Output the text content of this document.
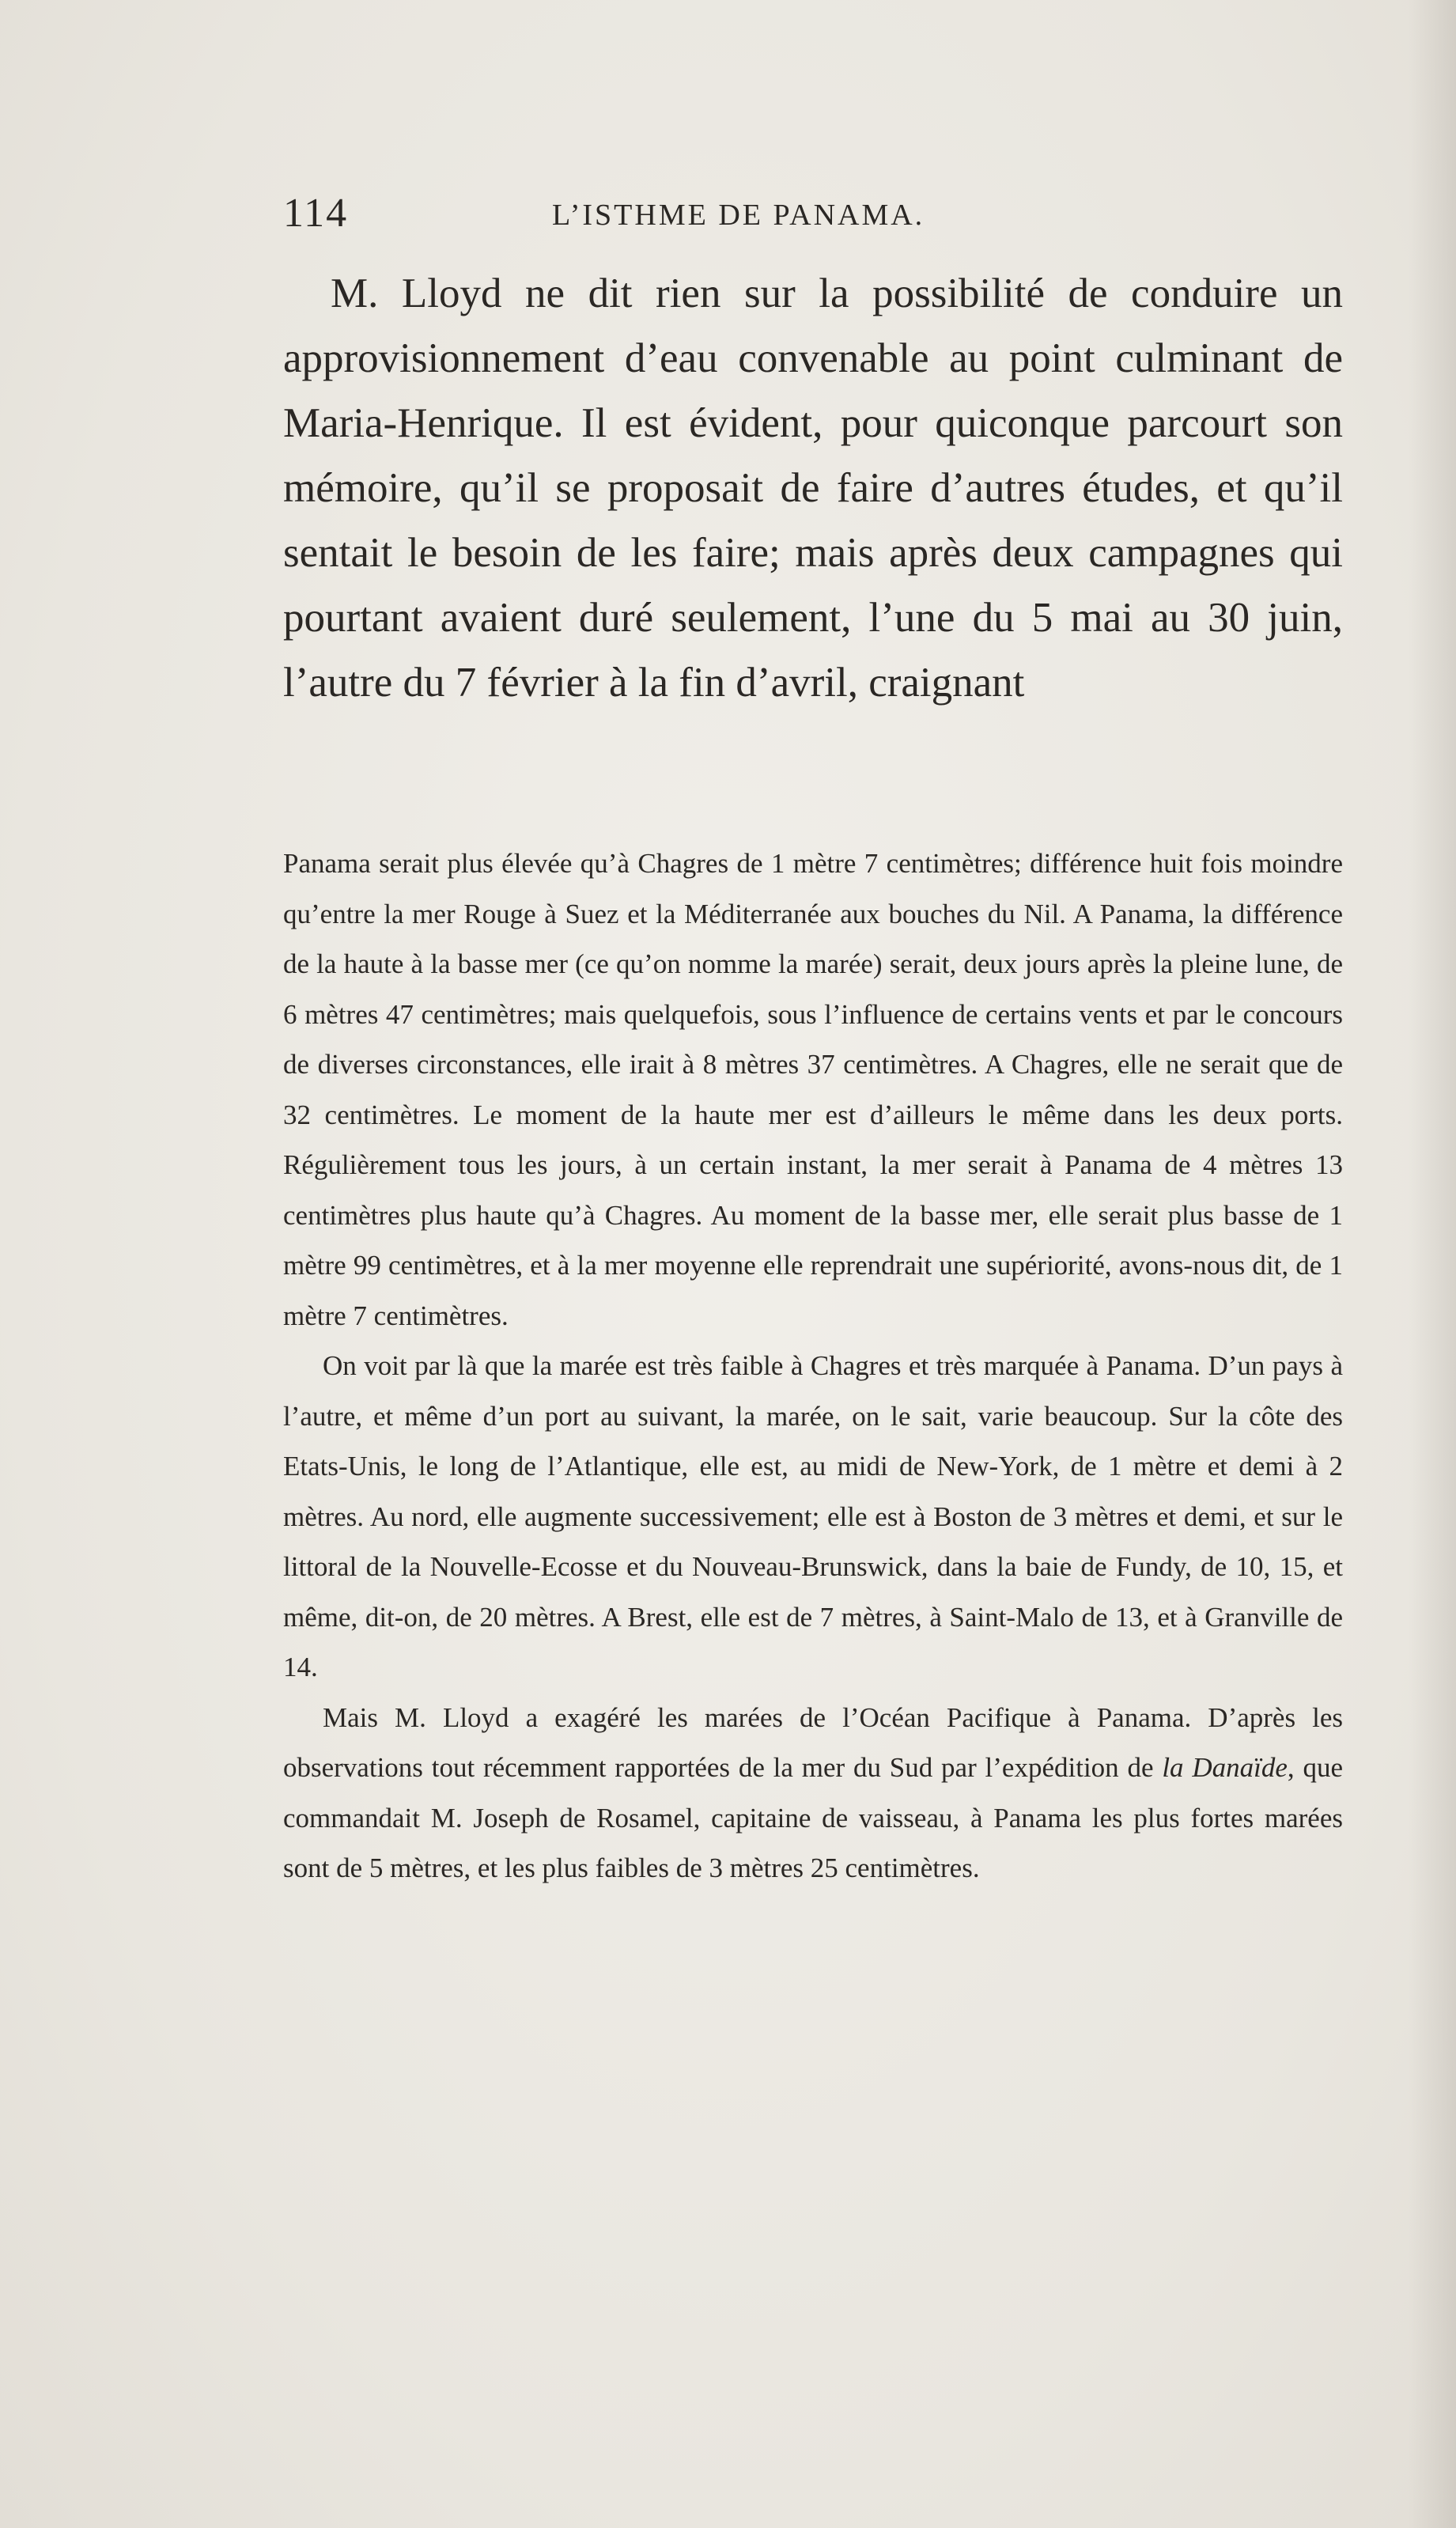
114	L’ISTHME DE PANAMA.

M. Lloyd ne dit rien sur la possibilité de conduire un approvisionnement d’eau convenable au point culminant de Maria-Henrique. Il est évident, pour quiconque parcourt son mémoire, qu’il se proposait de faire d’autres études, et qu’il sentait le besoin de les faire; mais après deux campagnes qui pourtant avaient duré seulement, l’une du 5 mai au 30 juin, l’autre du 7 février à la fin d’avril, craignant

Panama serait plus élevée qu’à Chagres de 1 mètre 7 centimètres; différence huit fois moindre qu’entre la mer Rouge à Suez et la Méditerranée aux bouches du Nil. A Panama, la différence de la haute à la basse mer (ce qu’on nomme la marée) serait, deux jours après la pleine lune, de 6 mètres 47 centimètres; mais quelquefois, sous l’influence de certains vents et par le concours de diverses circonstances, elle irait à 8 mètres 37 centimètres. A Chagres, elle ne serait que de 32 centimètres. Le moment de la haute mer est d’ailleurs le même dans les deux ports. Régulièrement tous les jours, à un certain instant, la mer serait à Panama de 4 mètres 13 centimètres plus haute qu’à Chagres. Au moment de la basse mer, elle serait plus basse de 1 mètre 99 centimètres, et à la mer moyenne elle reprendrait une supériorité, avons-nous dit, de 1 mètre 7 centimètres.

On voit par là que la marée est très faible à Chagres et très marquée à Panama. D’un pays à l’autre, et même d’un port au suivant, la marée, on le sait, varie beaucoup. Sur la côte des Etats-Unis, le long de l’Atlantique, elle est, au midi de New-York, de 1 mètre et demi à 2 mètres. Au nord, elle augmente successivement; elle est à Boston de 3 mètres et demi, et sur le littoral de la Nouvelle-Ecosse et du Nouveau-Brunswick, dans la baie de Fundy, de 10, 15, et même, dit-on, de 20 mètres. A Brest, elle est de 7 mètres, à Saint-Malo de 13, et à Granville de 14.

Mais M. Lloyd a exagéré les marées de l’Océan Pacifique à Panama. D’après les observations tout récemment rapportées de la mer du Sud par l’expédition de la Danaïde, que commandait M. Joseph de Rosamel, capitaine de vaisseau, à Panama les plus fortes marées sont de 5 mètres, et les plus faibles de 3 mètres 25 centimètres.
